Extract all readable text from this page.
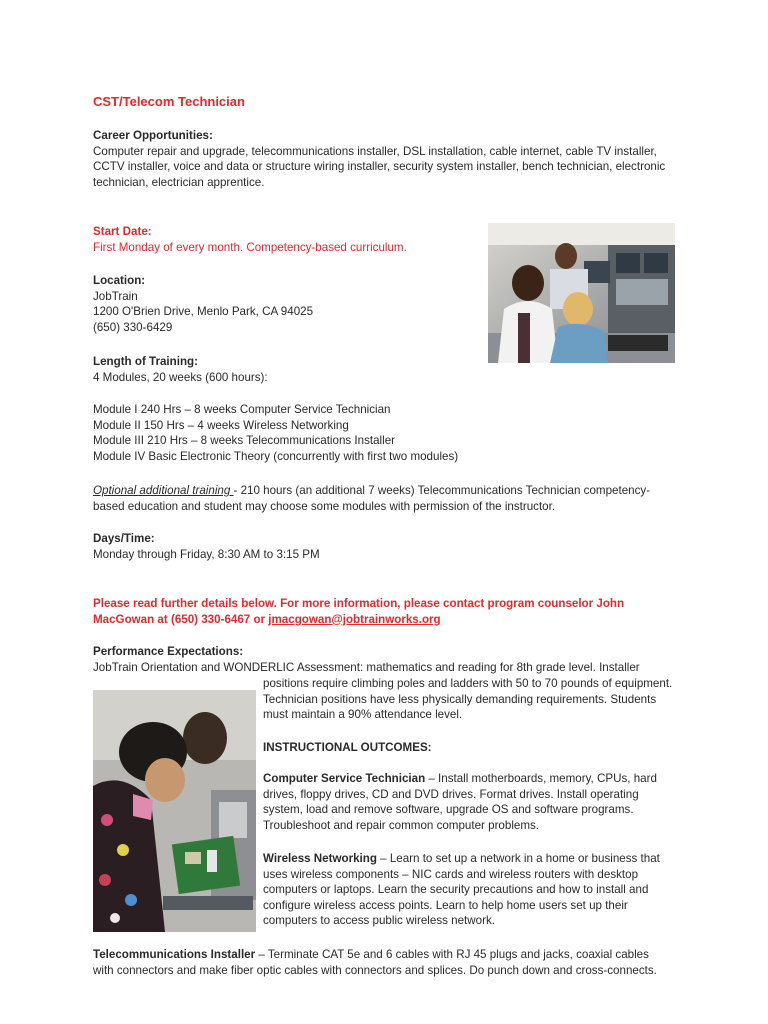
CST/Telecom Technician
Career Opportunities:
Computer repair and upgrade, telecommunications installer, DSL installation, cable internet, cable TV installer,
CCTV installer, voice and data or structure wiring installer, security system installer, bench technician, electronic
technician, electrician apprentice.
Start Date:
First Monday of every month. Competency-based curriculum.
Location:
JobTrain
1200 O'Brien Drive, Menlo Park, CA 94025
(650) 330-6429
Length of Training:
4 Modules, 20 weeks (600 hours):
Module I 240 Hrs – 8 weeks Computer Service Technician
Module II 150 Hrs – 4 weeks Wireless Networking
Module III 210 Hrs – 8 weeks Telecommunications Installer
Module IV Basic Electronic Theory (concurrently with first two modules)
Optional additional training - 210 hours (an additional 7 weeks) Telecommunications Technician competency-
based education and student may choose some modules with permission of the instructor.
Days/Time:
Monday through Friday, 8:30 AM to 3:15 PM
Please read further details below. For more information, please contact program counselor John
MacGowan at (650) 330-6467 or jmacgowan@jobtrainworks.org
Performance Expectations:
JobTrain Orientation and WONDERLIC Assessment: mathematics and reading for 8th grade level. Installer
positions require climbing poles and ladders with 50 to 70 pounds of equipment.
Technician positions have less physically demanding requirements. Students
must maintain a 90% attendance level.
INSTRUCTIONAL OUTCOMES:
Computer Service Technician – Install motherboards, memory, CPUs, hard
drives, floppy drives, CD and DVD drives. Format drives. Install operating
system, load and remove software, upgrade OS and software programs.
Troubleshoot and repair common computer problems.
Wireless Networking – Learn to set up a network in a home or business that
uses wireless components – NIC cards and wireless routers with desktop
computers or laptops. Learn the security precautions and how to install and
configure wireless access points. Learn to help home users set up their
computers to access public wireless network.
Telecommunications Installer – Terminate CAT 5e and 6 cables with RJ 45 plugs and jacks, coaxial cables
with connectors and make fiber optic cables with connectors and splices. Do punch down and cross-connects.
